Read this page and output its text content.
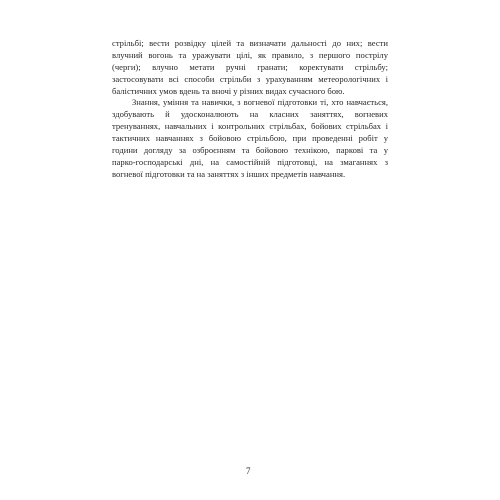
стрільбі; вести розвідку цілей та визначати дальності до них; вести
влучний вогонь та уражувати цілі, як правило, з першого пострілу
(черги); влучно метати ручні гранати; коректувати стрільбу;
застосовувати всі способи стрільби з урахуванням метеорологічних і
балістичних умов вдень та вночі у різних видах сучасного бою.
Знання, уміння та навички, з вогневої підготовки ті, хто навчається,
здобувають й удосконалюють на класних заняттях, вогневих
тренуваннях, навчальних і контрольних стрільбах, бойових стрільбах і
тактичних навчаннях з бойовою стрільбою, при проведенні робіт у
години догляду за озброєнням та бойовою технікою, паркові та у
парко-господарські дні, на самостійній підготовці, на змаганнях з
вогневої підготовки та на заняттях з інших предметів навчання.
7
